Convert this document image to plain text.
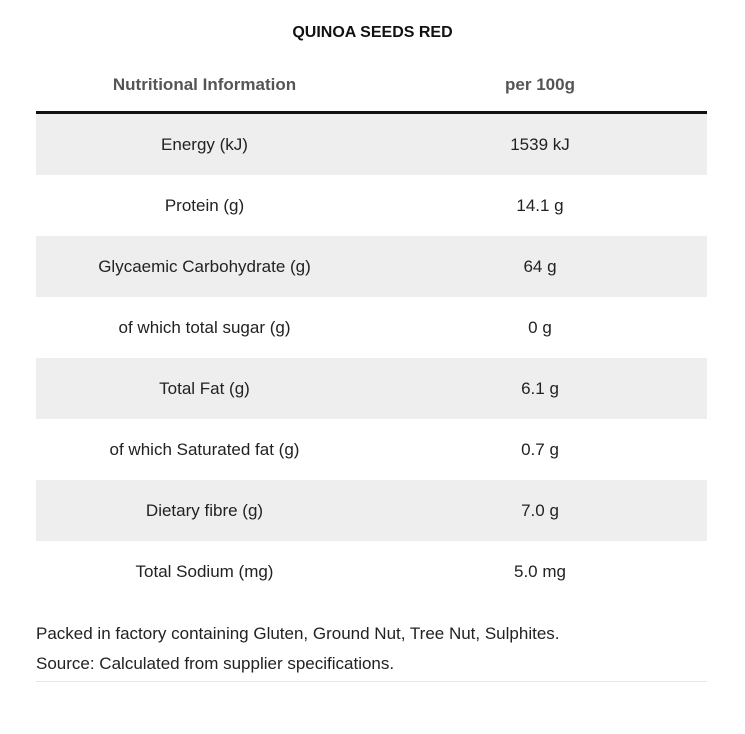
QUINOA SEEDS RED
Nutritional Information	per 100g
Energy (kJ)	1539 kJ
Protein (g)	14.1 g
Glycaemic Carbohydrate (g)	64 g
of which total sugar (g)	0 g
Total Fat (g)	6.1 g
of which Saturated fat (g)	0.7 g
Dietary fibre (g)	7.0 g
Total Sodium (mg)	5.0 mg
Packed in factory containing Gluten, Ground Nut, Tree Nut, Sulphites.
Source: Calculated from supplier specifications.
